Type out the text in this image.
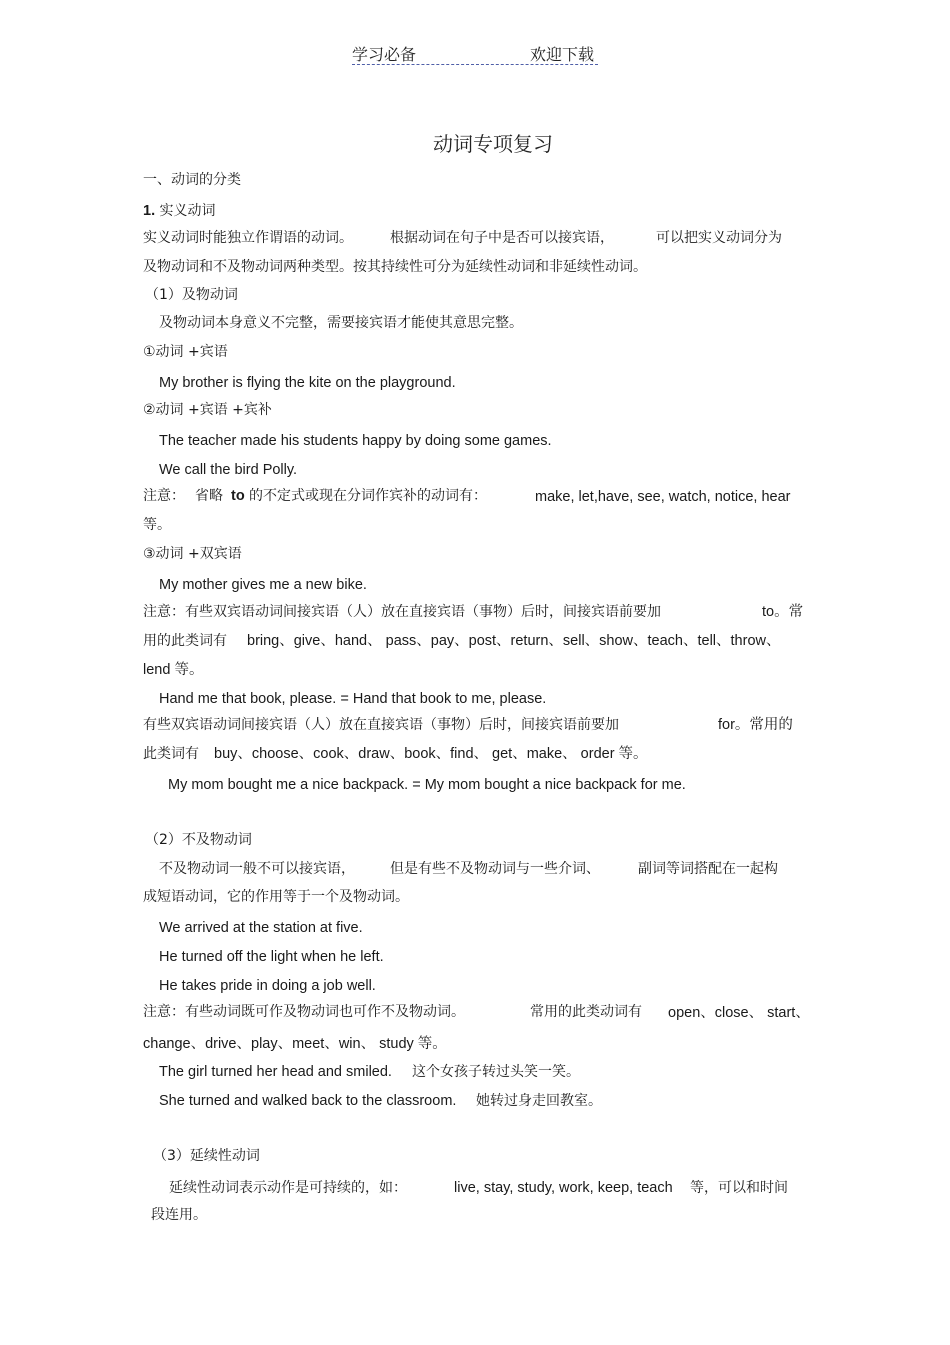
学习必备	欢迎下载
动词专项复习
一、动词的分类
1. 实义动词
实义动词时能独立作谓语的动词。	根据动词在句子中是否可以接宾语，	可以把实义动词分为
及物动词和不及物动词两种类型。按其持续性可分为延续性动词和非延续性动词。
（1）及物动词
及物动词本身意义不完整，需要接宾语才能使其意思完整。
①动词 +宾语
My brother is flying the kite on the playground.
②动词 +宾语 +宾补
The teacher made his students happy by doing some games.
We call the bird Polly.
注意： 省略 to 的不定式或现在分词作宾补的动词有：	make, let,have, see, watch, notice, hear
等。
③动词 +双宾语
My mother gives me a new bike.
注意：有些双宾语动词间接宾语（人）放在直接宾语（事物）后时，间接宾语前要加	to。常
用的此类词有 bring、give、hand、 pass、pay、post、return、sell、show、teach、tell、throw、
lend 等。
Hand me that book, please. = Hand that book to me, please.
有些双宾语动词间接宾语（人）放在直接宾语（事物）后时，间接宾语前要加	for。常用的
此类词有 buy、choose、cook、draw、book、find、 get、make、 order 等。
My mom bought me a nice backpack. = My mom bought a nice backpack for me.
（2）不及物动词
不及物动词一般不可以接宾语，	但是有些不及物动词与一些介词、	副词等词搭配在一起构
成短语动词，它的作用等于一个及物动词。
We arrived at the station at five.
He turned off the light when he left.
He takes pride in doing a job well.
注意：有些动词既可作及物动词也可作不及物动词。	常用的此类动词有 open、close、 start、
change、drive、play、meet、win、 study 等。
The girl turned her head and smiled. 这个女孩子转过头笑一笑。
She turned and walked back to the classroom. 她转过身走回教室。
（3）延续性动词
延续性动词表示动作是可持续的，如：	live, stay, study, work, keep, teach 等，可以和时间
段连用。
